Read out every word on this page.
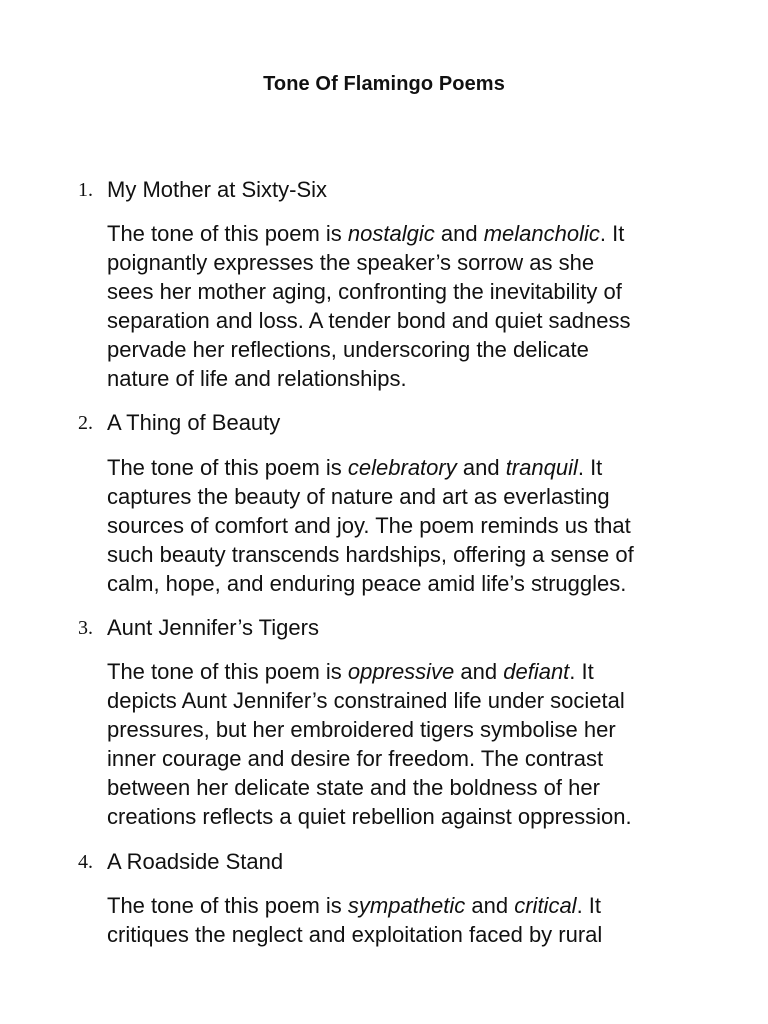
Tone Of Flamingo Poems
1. My Mother at Sixty-Six
The tone of this poem is nostalgic and melancholic. It
poignantly expresses the speaker’s sorrow as she
sees her mother aging, confronting the inevitability of
separation and loss. A tender bond and quiet sadness
pervade her reflections, underscoring the delicate
nature of life and relationships.
2. A Thing of Beauty
The tone of this poem is celebratory and tranquil. It
captures the beauty of nature and art as everlasting
sources of comfort and joy. The poem reminds us that
such beauty transcends hardships, offering a sense of
calm, hope, and enduring peace amid life’s struggles.
3. Aunt Jennifer’s Tigers
The tone of this poem is oppressive and defiant. It
depicts Aunt Jennifer’s constrained life under societal
pressures, but her embroidered tigers symbolise her
inner courage and desire for freedom. The contrast
between her delicate state and the boldness of her
creations reflects a quiet rebellion against oppression.
4. A Roadside Stand
The tone of this poem is sympathetic and critical. It
critiques the neglect and exploitation faced by rural
